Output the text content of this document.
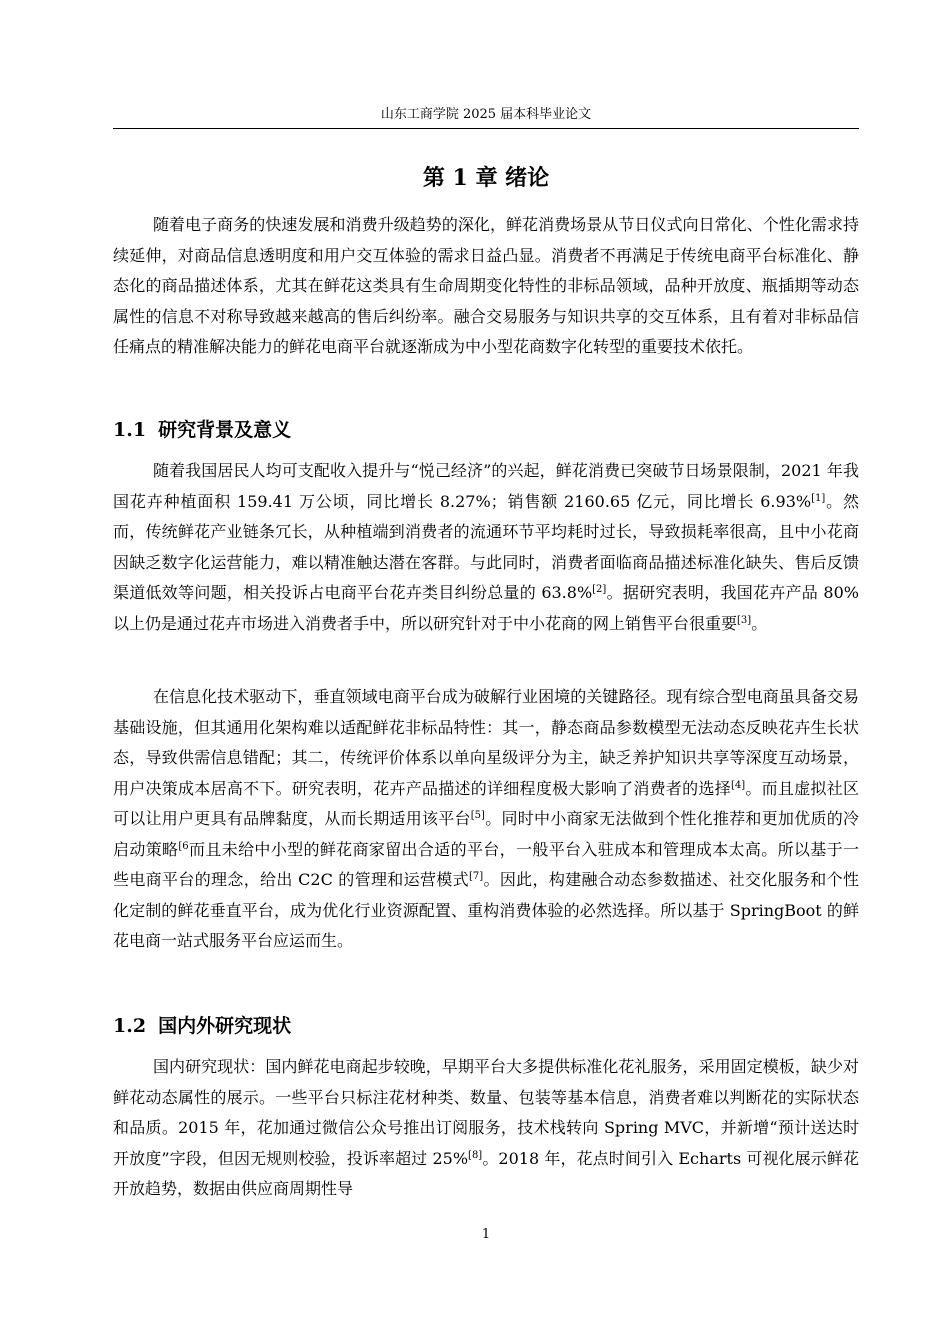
山东工商学院 2025 届本科毕业论文
第 1 章 绪论

随着电子商务的快速发展和消费升级趋势的深化，鲜花消费场景从节日仪式向日常化、个性化需求持续延伸，对商品信息透明度和用户交互体验的需求日益凸显。消费者不再满足于传统电商平台标准化、静态化的商品描述体系，尤其在鲜花这类具有生命周期变化特性的非标品领域，品种开放度、瓶插期等动态属性的信息不对称导致越来越高的售后纠纷率。融合交易服务与知识共享的交互体系，且有着对非标品信任痛点的精准解决能力的鲜花电商平台就逐渐成为中小型花商数字化转型的重要技术依托。

1.1 研究背景及意义

随着我国居民人均可支配收入提升与“悦己经济”的兴起，鲜花消费已突破节日场景限制，2021 年我国花卉种植面积 159.41 万公顷，同比增长 8.27%；销售额 2160.65 亿元，同比增长 6.93%[1]。然而，传统鲜花产业链条冗长，从种植端到消费者的流通环节平均耗时过长，导致损耗率很高，且中小花商因缺乏数字化运营能力，难以精准触达潜在客群。与此同时，消费者面临商品描述标准化缺失、售后反馈渠道低效等问题，相关投诉占电商平台花卉类目纠纷总量的 63.8%[2]。据研究表明，我国花卉产品 80%以上仍是通过花卉市场进入消费者手中，所以研究针对于中小花商的网上销售平台很重要[3]。

在信息化技术驱动下，垂直领域电商平台成为破解行业困境的关键路径。现有综合型电商虽具备交易基础设施，但其通用化架构难以适配鲜花非标品特性：其一，静态商品参数模型无法动态反映花卉生长状态，导致供需信息错配；其二，传统评价体系以单向星级评分为主，缺乏养护知识共享等深度互动场景，用户决策成本居高不下。研究表明，花卉产品描述的详细程度极大影响了消费者的选择[4]。而且虚拟社区可以让用户更具有品牌黏度，从而长期适用该平台[5]。同时中小商家无法做到个性化推荐和更加优质的冷启动策略$^{[6}$而且未给中小型的鲜花商家留出合适的平台，一般平台入驻成本和管理成本太高。所以基于一些电商平台的理念，给出 C2C 的管理和运营模式[7]。因此，构建融合动态参数描述、社交化服务和个性化定制的鲜花垂直平台，成为优化行业资源配置、重构消费体验的必然选择。所以基于 SpringBoot 的鲜花电商一站式服务平台应运而生。

1.2 国内外研究现状

国内研究现状：国内鲜花电商起步较晚，早期平台大多提供标准化花礼服务，采用固定模板，缺少对鲜花动态属性的展示。一些平台只标注花材种类、数量、包装等基本信息，消费者难以判断花的实际状态和品质。2015 年，花加通过微信公众号推出订阅服务，技术栈转向 Spring MVC，并新增“预计送达时开放度”字段，但因无规则校验，投诉率超过 25%[8]。2018 年，花点时间引入 Echarts 可视化展示鲜花开放趋势，数据由供应商周期性导

1
